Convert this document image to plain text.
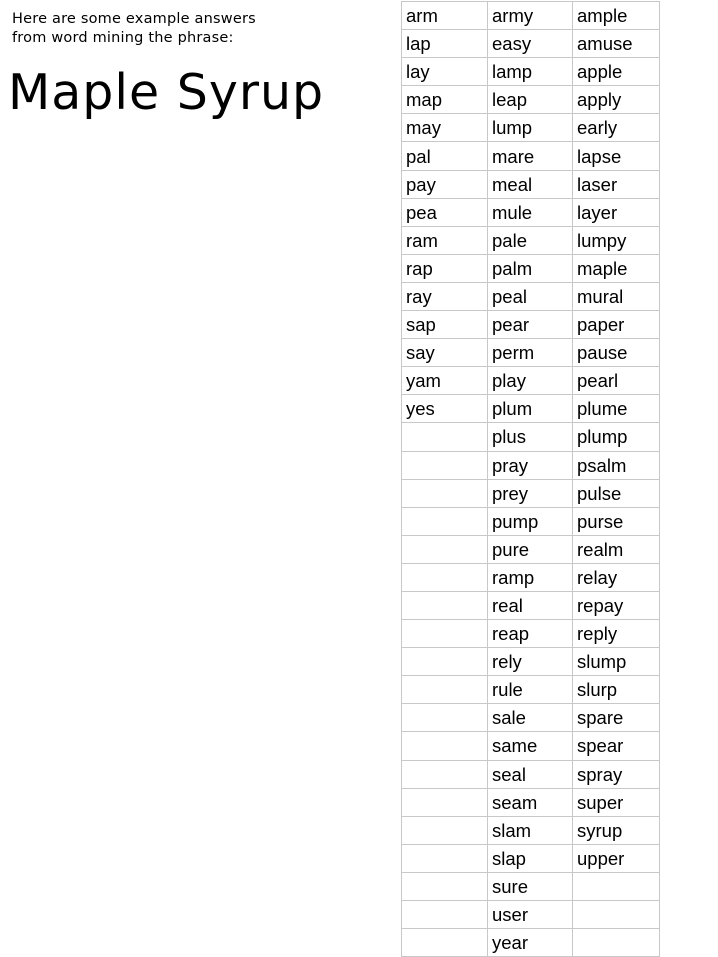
Here are some example answers
from word mining the phrase:
Maple Syrup
arm	army	ample
lap	easy	amuse
lay	lamp	apple
map	leap	apply
may	lump	early
pal	mare	lapse
pay	meal	laser
pea	mule	layer
ram	pale	lumpy
rap	palm	maple
ray	peal	mural
sap	pear	paper
say	perm	pause
yam	play	pearl
yes	plum	plume
	plus	plump
	pray	psalm
	prey	pulse
	pump	purse
	pure	realm
	ramp	relay
	real	repay
	reap	reply
	rely	slump
	rule	slurp
	sale	spare
	same	spear
	seal	spray
	seam	super
	slam	syrup
	slap	upper
	sure	
	user	
	year	
